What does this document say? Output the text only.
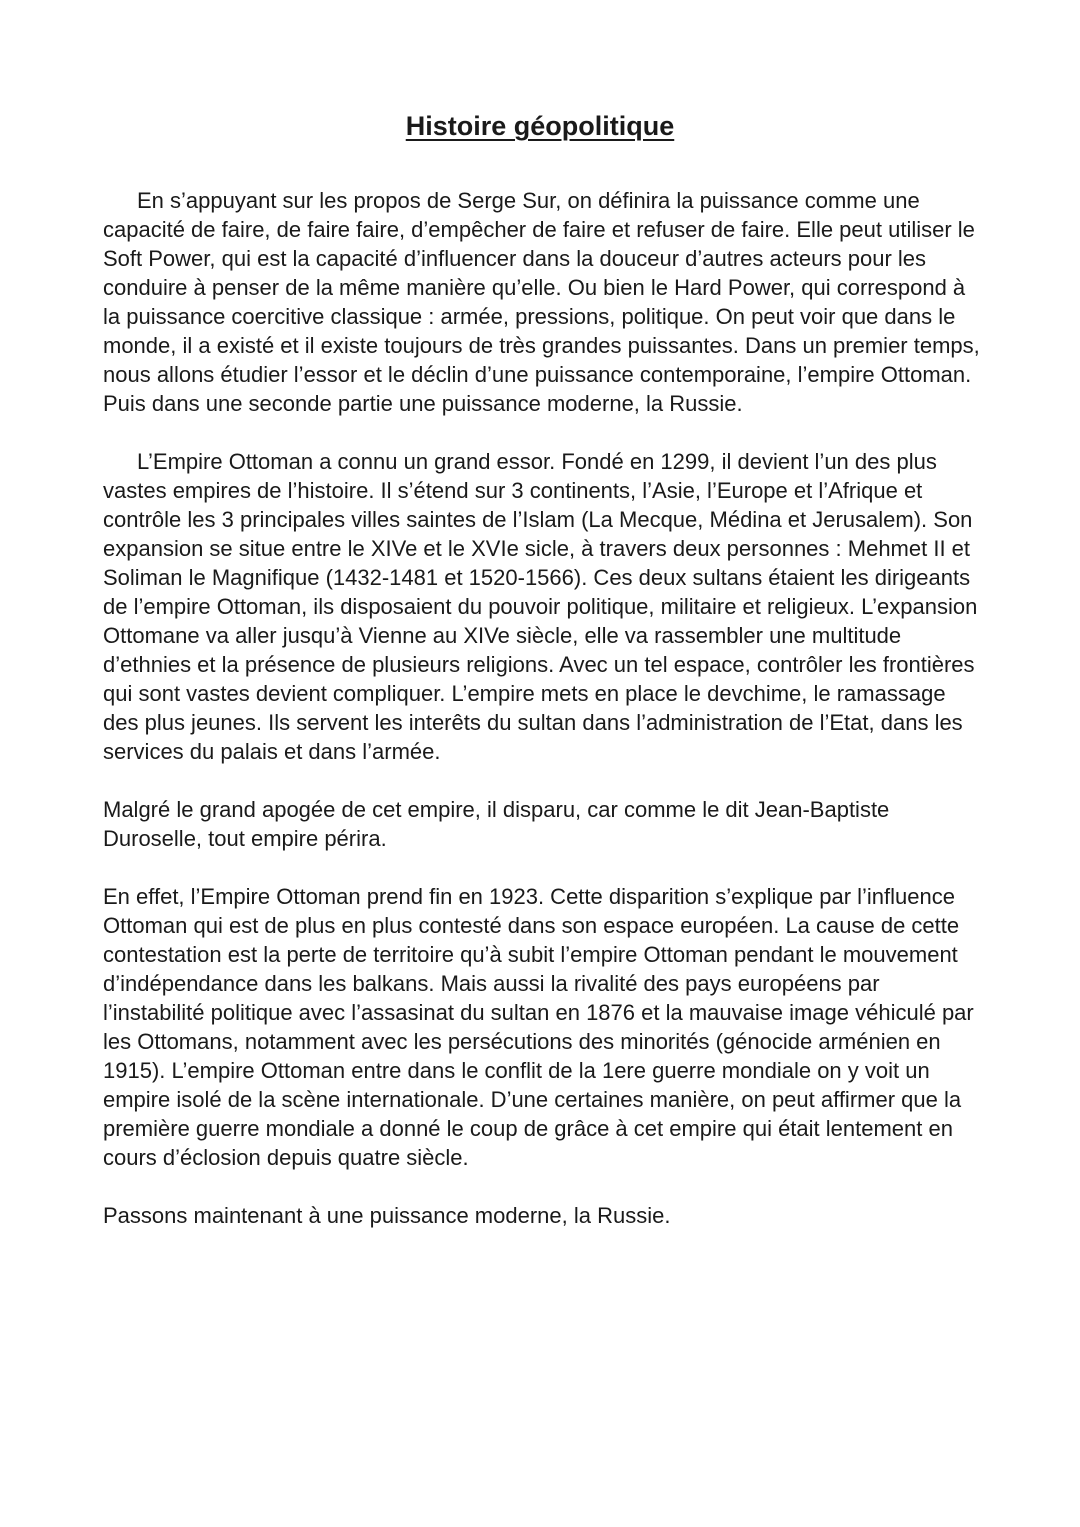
Histoire géopolitique

En s’appuyant sur les propos de Serge Sur, on définira la puissance comme une capacité de faire, de faire faire, d’empêcher de faire et refuser de faire. Elle peut utiliser le Soft Power, qui est la capacité d’influencer dans la douceur d’autres acteurs pour les conduire à penser de la même manière qu’elle. Ou bien le Hard Power, qui correspond à la puissance coercitive classique : armée, pressions, politique. On peut voir que dans le monde, il a existé et il existe toujours de très grandes puissantes. Dans un premier temps, nous allons étudier l’essor et le déclin d’une puissance contemporaine, l’empire Ottoman. Puis dans une seconde partie une puissance moderne, la Russie.

L’Empire Ottoman a connu un grand essor. Fondé en 1299, il devient l’un des plus vastes empires de l’histoire. Il s’étend sur 3 continents, l’Asie, l’Europe et l’Afrique et contrôle les 3 principales villes saintes de l’Islam (La Mecque, Médina et Jerusalem). Son expansion se situe entre le XIVe et le XVIe sicle, à travers deux personnes : Mehmet II et Soliman le Magnifique (1432-1481 et 1520-1566). Ces deux sultans étaient les dirigeants de l’empire Ottoman, ils disposaient du pouvoir politique, militaire et religieux. L’expansion Ottomane va aller jusqu’à Vienne au XIVe siècle, elle va rassembler une multitude d’ethnies et la présence de plusieurs religions. Avec un tel espace, contrôler les frontières qui sont vastes devient compliquer. L’empire mets en place le devchime, le ramassage des plus jeunes. Ils servent les interêts du sultan dans l’administration de l’Etat, dans les services du palais et dans l’armée.

Malgré le grand apogée de cet empire, il disparu, car comme le dit Jean-Baptiste Duroselle, tout empire périra.

En effet, l’Empire Ottoman prend fin en 1923. Cette disparition s’explique par l’influence Ottoman qui est de plus en plus contesté dans son espace européen. La cause de cette contestation est la perte de territoire qu’à subit l’empire Ottoman pendant le mouvement d’indépendance dans les balkans. Mais aussi la rivalité des pays européens par l’instabilité politique avec l’assasinat du sultan en 1876 et la mauvaise image véhiculé par les Ottomans, notamment avec les persécutions des minorités (génocide arménien en 1915). L’empire Ottoman entre dans le conflit de la 1ere guerre mondiale on y voit un empire isolé de la scène internationale. D’une certaines manière, on peut affirmer que la première guerre mondiale a donné le coup de grâce à cet empire qui était lentement en cours d’éclosion depuis quatre siècle.

Passons maintenant à une puissance moderne, la Russie.
